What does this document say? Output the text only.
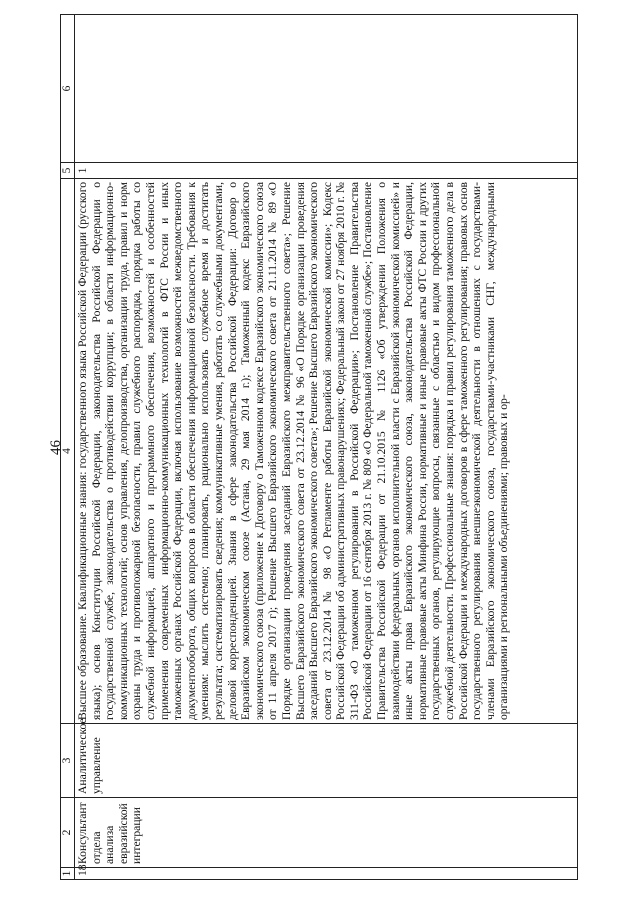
46
1	2	3	4	5	6
18	Консультант отдела анализа евразийской интеграции	Аналитическое управление	Высшее образование. Квалификационные знания: государственного языка Российской Федерации (русского языка); основ Конституции Российской Федерации, законодательства Российской Федерации о государственной службе, законодательства о противодействии коррупции; в области информационно-коммуникационных технологий; основ управления, делопроизводства, организации труда, правил и норм охраны труда и противопожарной безопасности, правил служебного распорядка, порядка работы со служебной информацией, аппаратного и программного обеспечения, возможностей и особенностей применения современных информационно-коммуникационных технологий в ФТС России и иных таможенных органах Российской Федерации, включая использование возможностей межведомственного документооборота, общих вопросов в области обеспечения информационной безопасности. Требования к умениям: мыслить системно; планировать, рационально использовать служебное время и достигать результата; систематизировать сведения; коммуникативные умения, работать со служебными документами, деловой корреспонденцией. Знания в сфере законодательства Российской Федерации: Договор о Евразийском экономическом союзе (Астана, 29 мая 2014 г.); Таможенный кодекс Евразийского экономического союза (приложение к Договору о Таможенном кодексе Евразийского экономического союза от 11 апреля 2017 г); Решение Высшего Евразийского экономического совета от 21.11.2014 № 89 «О Порядке организации проведения заседаний Евразийского межправительственного совета»; Решение Высшего Евразийского экономического совета от 23.12.2014 № 96 «О Порядке организации проведения заседаний Высшего Евразийского экономического совета»; Решение Высшего Евразийского экономического совета от 23.12.2014 № 98 «О Регламенте работы Евразийской экономической комиссии»; Кодекс Российской Федерации об административных правонарушениях; Федеральный закон от 27 ноября 2010 г. № 311-ФЗ «О таможенном регулировании в Российской Федерации»; Постановление Правительства Российской Федерации от 16 сентября 2013 г. № 809 «О Федеральной таможенной службе»; Постановление Правительства Российской Федерации от 21.10.2015 № 1126 «Об утверждении Положения о взаимодействии федеральных органов исполнительной власти с Евразийской экономической комиссией» и иные акты права Евразийского экономического союза, законодательства Российской Федерации, нормативные правовые акты Минфина России, нормативные и иные правовые акты ФТС России и других государственных органов, регулирующие вопросы, связанные с областью и видом профессиональной служебной деятельности. Профессиональные знания: порядка и правил регулирования таможенного дела в Российской Федерации и международных договоров в сфере таможенного регулирования; правовых основ государственного регулирования внешнеэкономической деятельности в отношениях с государствами-членами Евразийского экономического союза, государствами-участниками СНГ, международными организациями и региональными объединениями; правовых и ор-	1	
